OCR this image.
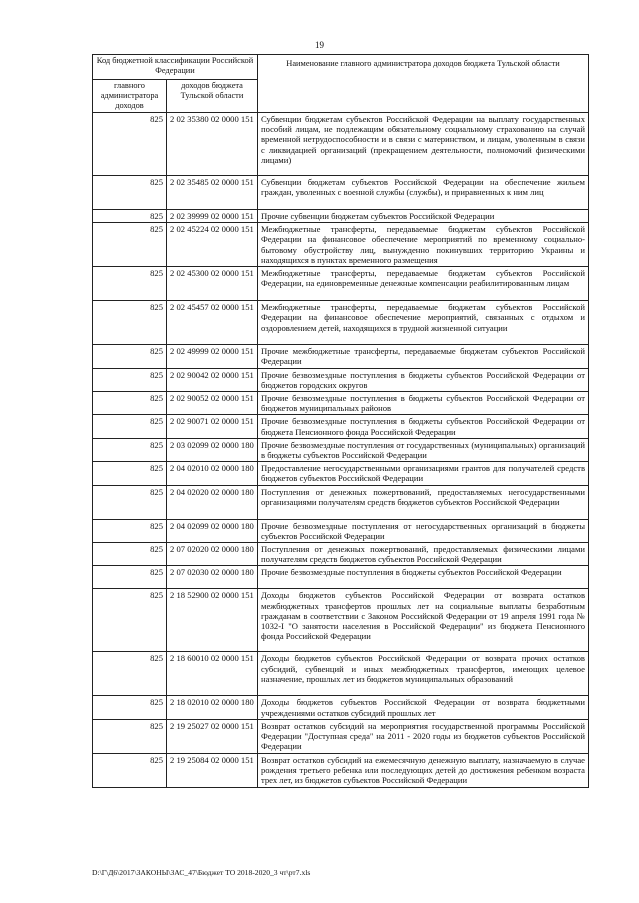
19
Код бюджетной классификации Российской Федерации		Наименование главного администратора доходов бюджета Тульской области
главного администратора доходов	доходов бюджета Тульской области	
825	2 02 35380 02 0000 151	Субвенции бюджетам субъектов Российской Федерации на выплату государственных пособий лицам, не подлежащим обязательному социальному страхованию на случай временной нетрудоспособности и в связи с материнством, и лицам, уволенным в связи с ликвидацией организаций (прекращением деятельности, полномочий физическими лицами)
825	2 02 35485 02 0000 151	Субвенции бюджетам субъектов Российской Федерации на обеспечение жильем граждан, уволенных с военной службы (службы), и приравненных к ним лиц
825	2 02 39999 02 0000 151	Прочие субвенции бюджетам субъектов Российской Федерации
825	2 02 45224 02 0000 151	Межбюджетные трансферты, передаваемые бюджетам субъектов Российской Федерации на финансовое обеспечение мероприятий по временному социально-бытовому обустройству лиц, вынужденно покинувших территорию Украины и находящихся в пунктах временного размещения
825	2 02 45300 02 0000 151	Межбюджетные трансферты, передаваемые бюджетам субъектов Российской Федерации, на единовременные денежные компенсации реабилитированным лицам
825	2 02 45457 02 0000 151	Межбюджетные трансферты, передаваемые бюджетам субъектов Российской Федерации на финансовое обеспечение мероприятий, связанных с отдыхом и оздоровлением детей, находящихся в трудной жизненной ситуации
825	2 02 49999 02 0000 151	Прочие межбюджетные трансферты, передаваемые бюджетам субъектов Российской Федерации
825	2 02 90042 02 0000 151	Прочие безвозмездные поступления в бюджеты субъектов Российской Федерации от бюджетов городских округов
825	2 02 90052 02 0000 151	Прочие безвозмездные поступления в бюджеты субъектов Российской Федерации от бюджетов муниципальных районов
825	2 02 90071 02 0000 151	Прочие безвозмездные поступления в бюджеты субъектов Российской Федерации от бюджета Пенсионного фонда Российской Федерации
825	2 03 02099 02 0000 180	Прочие безвозмездные поступления от государственных (муниципальных) организаций в бюджеты субъектов Российской Федерации
825	2 04 02010 02 0000 180	Предоставление негосударственными организациями грантов для получателей средств бюджетов субъектов Российской Федерации
825	2 04 02020 02 0000 180	Поступления от денежных пожертвований, предоставляемых негосударственными организациями получателям средств бюджетов субъектов Российской Федерации
825	2 04 02099 02 0000 180	Прочие безвозмездные поступления от негосударственных организаций в бюджеты субъектов Российской Федерации
825	2 07 02020 02 0000 180	Поступления от денежных пожертвований, предоставляемых физическими лицами получателям средств бюджетов субъектов Российской Федерации
825	2 07 02030 02 0000 180	Прочие безвозмездные поступления в бюджеты субъектов Российской Федерации
825	2 18 52900 02 0000 151	Доходы бюджетов субъектов Российской Федерации от возврата остатков межбюджетных трансфертов прошлых лет на социальные выплаты безработным гражданам в соответствии с Законом Российской Федерации от 19 апреля 1991 года № 1032-I "О занятости населения в Российской Федерации" из бюджета Пенсионного фонда Российской Федерации
825	2 18 60010 02 0000 151	Доходы бюджетов субъектов Российской Федерации от возврата прочих остатков субсидий, субвенций и иных межбюджетных трансфертов, имеющих целевое назначение, прошлых лет из бюджетов муниципальных образований
825	2 18 02010 02 0000 180	Доходы бюджетов субъектов Российской Федерации от возврата бюджетными учреждениями остатков субсидий прошлых лет
825	2 19 25027 02 0000 151	Возврат остатков субсидий на мероприятия государственной программы Российской Федерации "Доступная среда" на 2011 - 2020 годы из бюджетов субъектов Российской Федерации
825	2 19 25084 02 0000 151	Возврат остатков субсидий на ежемесячную денежную выплату, назначаемую в случае рождения третьего ребенка или последующих детей до достижения ребенком возраста трех лет, из бюджетов субъектов Российской Федерации
D:\Г\Д6\2017\ЗАКОНЫ\ЗАС_47\Бюджет ТО 2018-2020_3 чт\рт7.xls
